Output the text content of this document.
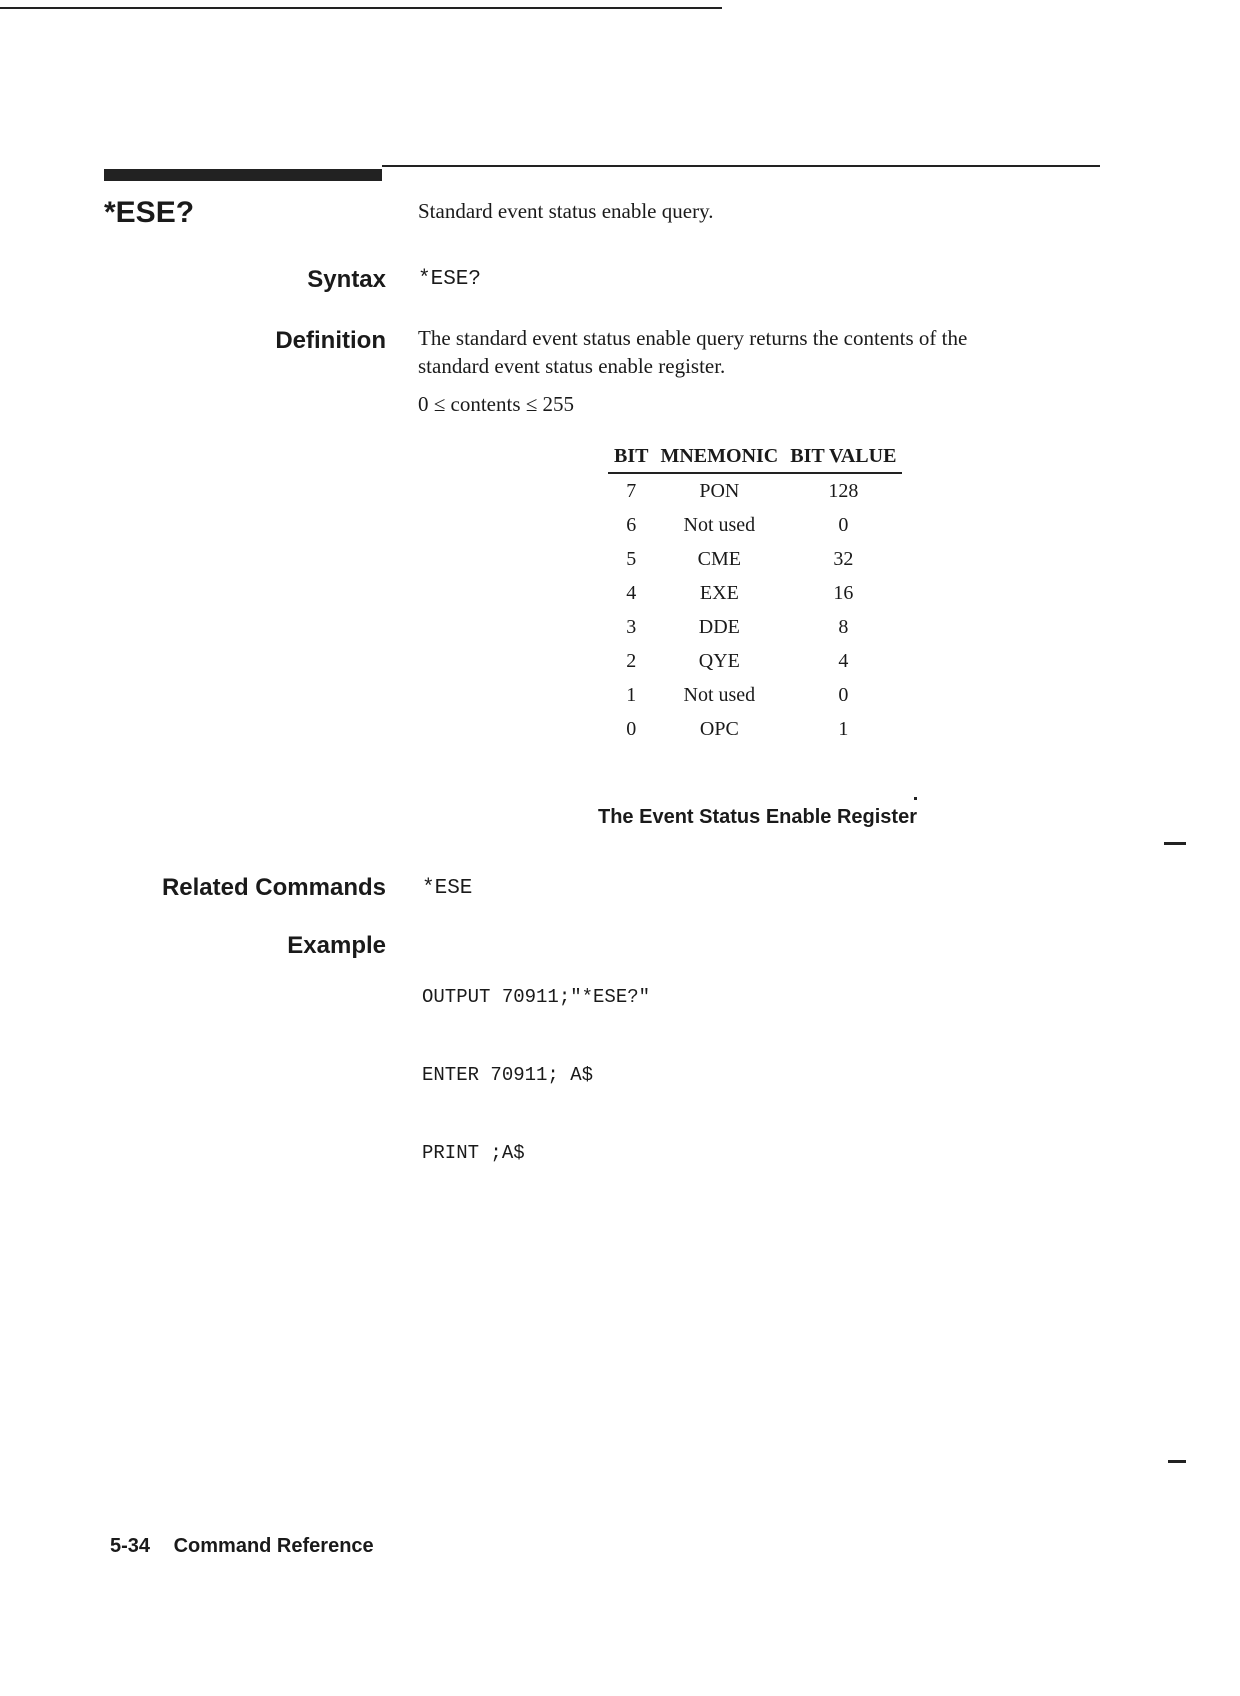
*ESE?	Standard event status enable query.
Syntax *ESE?
Definition The standard event status enable query returns the contents of the
standard event status enable register.
0 ≤ contents ≤ 255
BIT	MNEMONIC	BIT VALUE
7	PON	128
6	Not used	0
5	CME	32
4	EXE	16
3	DDE	8
2	QYE	4
1	Not used	0
0	OPC	1
The Event Status Enable Register
Related Commands *ESE
Example

OUTPUT 70911;"*ESE?"

ENTER 70911; A$

PRINT ;A$

5-34 Command Reference
